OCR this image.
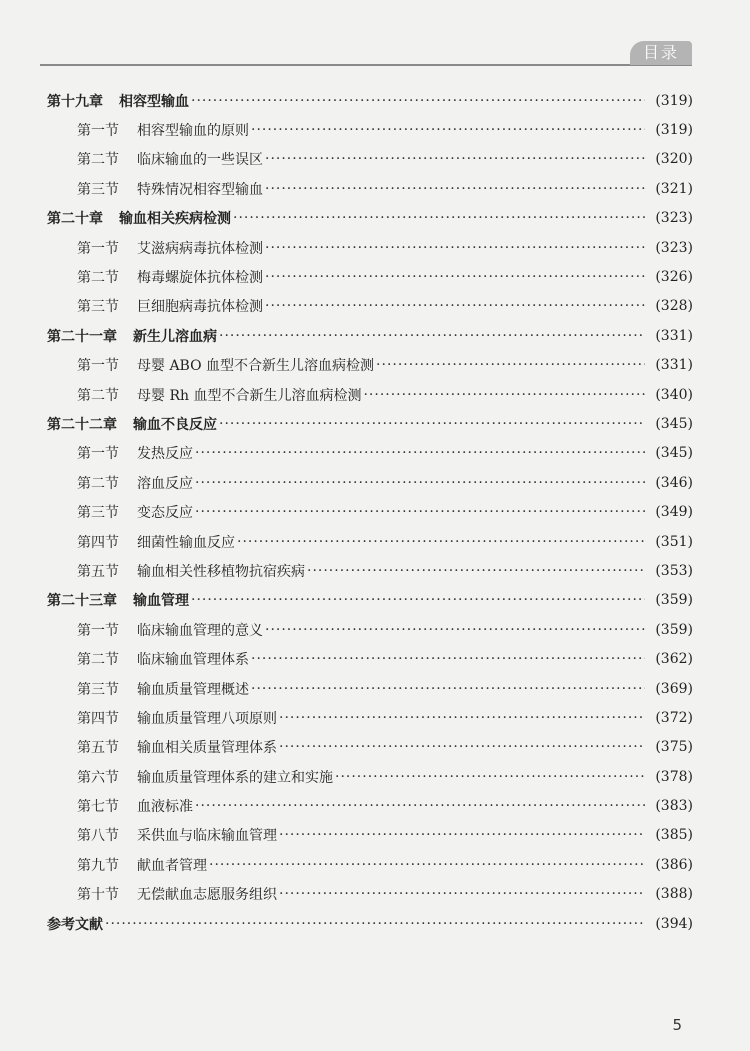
目录
第十九章 相容型输血 ·····	(319)
第一节 相容型输血的原则 ·····	(319)
第二节 临床输血的一些误区 ·····	(320)
第三节 特殊情况相容型输血 ·····	(321)
第二十章 输血相关疾病检测 ·····	(323)
第一节 艾滋病病毒抗体检测 ·····	(323)
第二节 梅毒螺旋体抗体检测 ·····	(326)
第三节 巨细胞病毒抗体检测 ·····	(328)
第二十一章 新生儿溶血病 ·····	(331)
第一节 母婴 ABO 血型不合新生儿溶血病检测 ·····	(331)
第二节 母婴 Rh 血型不合新生儿溶血病检测 ·····	(340)
第二十二章 输血不良反应 ·····	(345)
第一节 发热反应 ·····	(345)
第二节 溶血反应 ·····	(346)
第三节 变态反应 ·····	(349)
第四节 细菌性输血反应 ·····	(351)
第五节 输血相关性移植物抗宿疾病 ·····	(353)
第二十三章 输血管理 ·····	(359)
第一节 临床输血管理的意义 ·····	(359)
第二节 临床输血管理体系 ·····	(362)
第三节 输血质量管理概述 ·····	(369)
第四节 输血质量管理八项原则 ·····	(372)
第五节 输血相关质量管理体系 ·····	(375)
第六节 输血质量管理体系的建立和实施 ·····	(378)
第七节 血液标准 ·····	(383)
第八节 采供血与临床输血管理 ·····	(385)
第九节 献血者管理 ·····	(386)
第十节 无偿献血志愿服务组织 ·····	(388)
参考文献 ·····	(394)
5
